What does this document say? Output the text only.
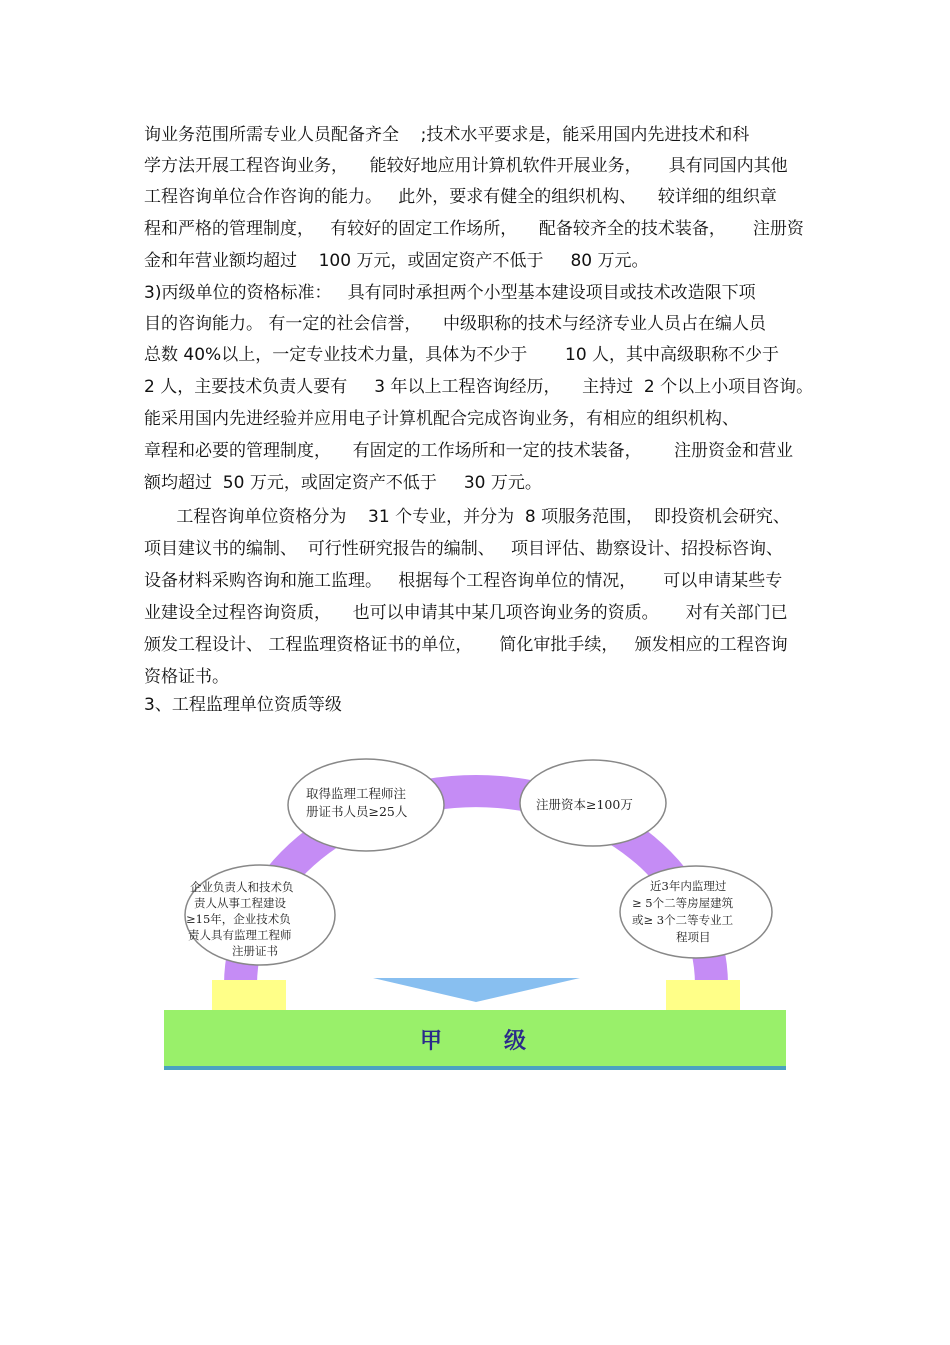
询业务范围所需专业人员配备齐全    ;技术水平要求是，能采用国内先进技术和科
学方法开展工程咨询业务，    能较好地应用计算机软件开展业务，     具有同国内其他
工程咨询单位合作咨询的能力。   此外，要求有健全的组织机构、    较详细的组织章
程和严格的管理制度，   有较好的固定工作场所，    配备较齐全的技术装备，     注册资
金和年营业额均超过    100 万元，或固定资产不低于     80 万元。
3)丙级单位的资格标准：   具有同时承担两个小型基本建设项目或技术改造限下项
目的咨询能力。 有一定的社会信誉，    中级职称的技术与经济专业人员占在编人员
总数 40%以上，一定专业技术力量，具体为不少于       10 人，其中高级职称不少于
2 人，主要技术负责人要有     3 年以上工程咨询经历，    主持过  2 个以上小项目咨询。
能采用国内先进经验并应用电子计算机配合完成咨询业务，有相应的组织机构、
章程和必要的管理制度，    有固定的工作场所和一定的技术装备，      注册资金和营业
额均超过  50 万元，或固定资产不低于     30 万元。
工程咨询单位资格分为    31 个专业，并分为  8 项服务范围，  即投资机会研究、
项目建议书的编制、  可行性研究报告的编制、   项目评估、勘察设计、招投标咨询、
设备材料采购咨询和施工监理。   根据每个工程咨询单位的情况，     可以申请某些专
业建设全过程咨询资质，    也可以申请其中某几项咨询业务的资质。     对有关部门已
颁发工程设计、 工程监理资格证书的单位，     简化审批手续，   颁发相应的工程咨询
资格证书。
3、工程监理单位资质等级
甲	级
取得监理工程师注
册证书人员≥25人	注册资本≥100万
企业负责人和技术负
责人从事工程建设
≥15年，企业技术负
责人具有监理工程师
注册证书
近3年内监理过
≥ 5个二等房屋建筑
或≥ 3个二等专业工
程项目
